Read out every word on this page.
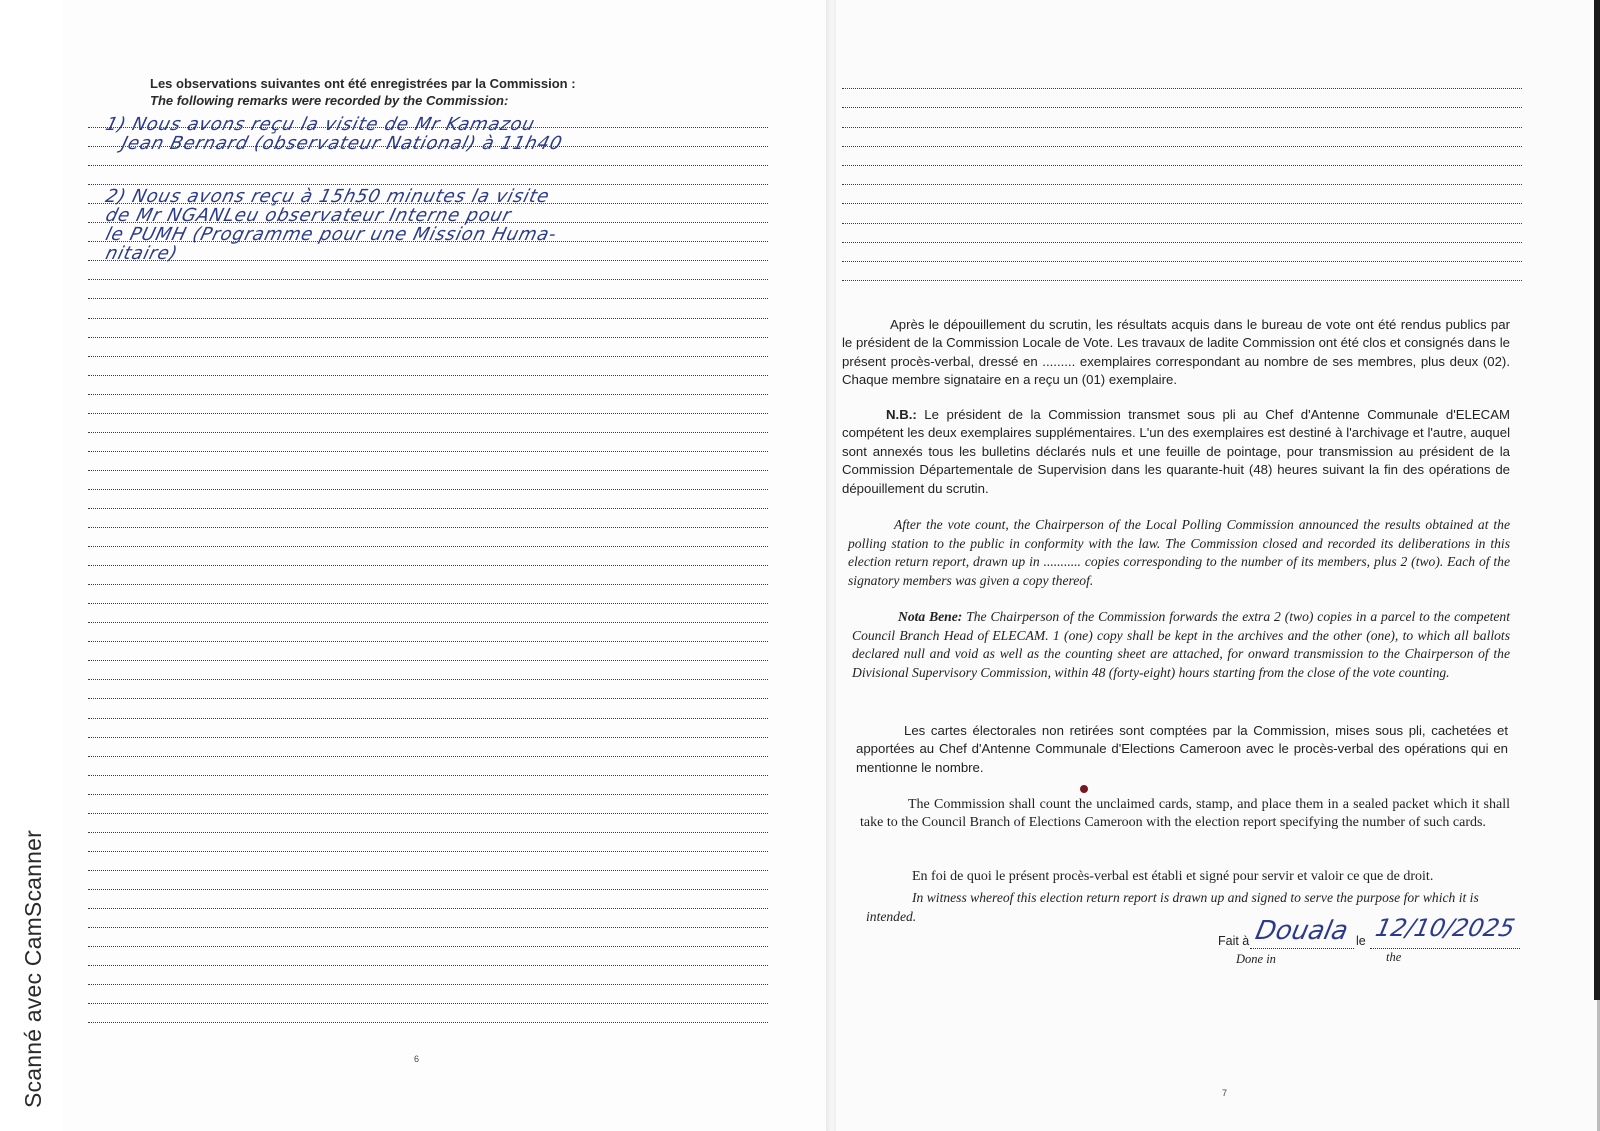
Les observations suivantes ont été enregistrées par la Commission :
The following remarks were recorded by the Commission:
1) Nous avons reçu la visite de Mr Kamazou
Jean Bernard (observateur National) à 11h40
2) Nous avons reçu à 15h50 minutes la visite
de Mr NGANLeu observateur Interne pour
le PUMH (Programme pour une Mission Huma-
nitaire)
6
Après le dépouillement du scrutin, les résultats acquis dans le bureau de vote ont été rendus publics par le président de la Commission Locale de Vote. Les travaux de ladite Commission ont été clos et consignés dans le présent procès-verbal, dressé en ......... exemplaires correspondant au nombre de ses membres, plus deux (02). Chaque membre signataire en a reçu un (01) exemplaire.
N.B.: Le président de la Commission transmet sous pli au Chef d'Antenne Communale d'ELECAM compétent les deux exemplaires supplémentaires. L'un des exemplaires est destiné à l'archivage et l'autre, auquel sont annexés tous les bulletins déclarés nuls et une feuille de pointage, pour transmission au président de la Commission Départementale de Supervision dans les quarante-huit (48) heures suivant la fin des opérations de dépouillement du scrutin.
After the vote count, the Chairperson of the Local Polling Commission announced the results obtained at the polling station to the public in conformity with the law. The Commission closed and recorded its deliberations in this election return report, drawn up in ........... copies corresponding to the number of its members, plus 2 (two). Each of the signatory members was given a copy thereof.
Nota Bene: The Chairperson of the Commission forwards the extra 2 (two) copies in a parcel to the competent Council Branch Head of ELECAM. 1 (one) copy shall be kept in the archives and the other (one), to which all ballots declared null and void as well as the counting sheet are attached, for onward transmission to the Chairperson of the Divisional Supervisory Commission, within 48 (forty-eight) hours starting from the close of the vote counting.
Les cartes électorales non retirées sont comptées par la Commission, mises sous pli, cachetées et apportées au Chef d'Antenne Communale d'Elections Cameroon avec le procès-verbal des opérations qui en mentionne le nombre.
The Commission shall count the unclaimed cards, stamp, and place them in a sealed packet which it shall take to the Council Branch of Elections Cameroon with the election report specifying the number of such cards.
En foi de quoi le présent procès-verbal est établi et signé pour servir et valoir ce que de droit.
In witness whereof this election return report is drawn up and signed to serve the purpose for which it is intended.
Fait à Douala le 12/10/2025
Done in	the
7
Scanné avec CamScanner
